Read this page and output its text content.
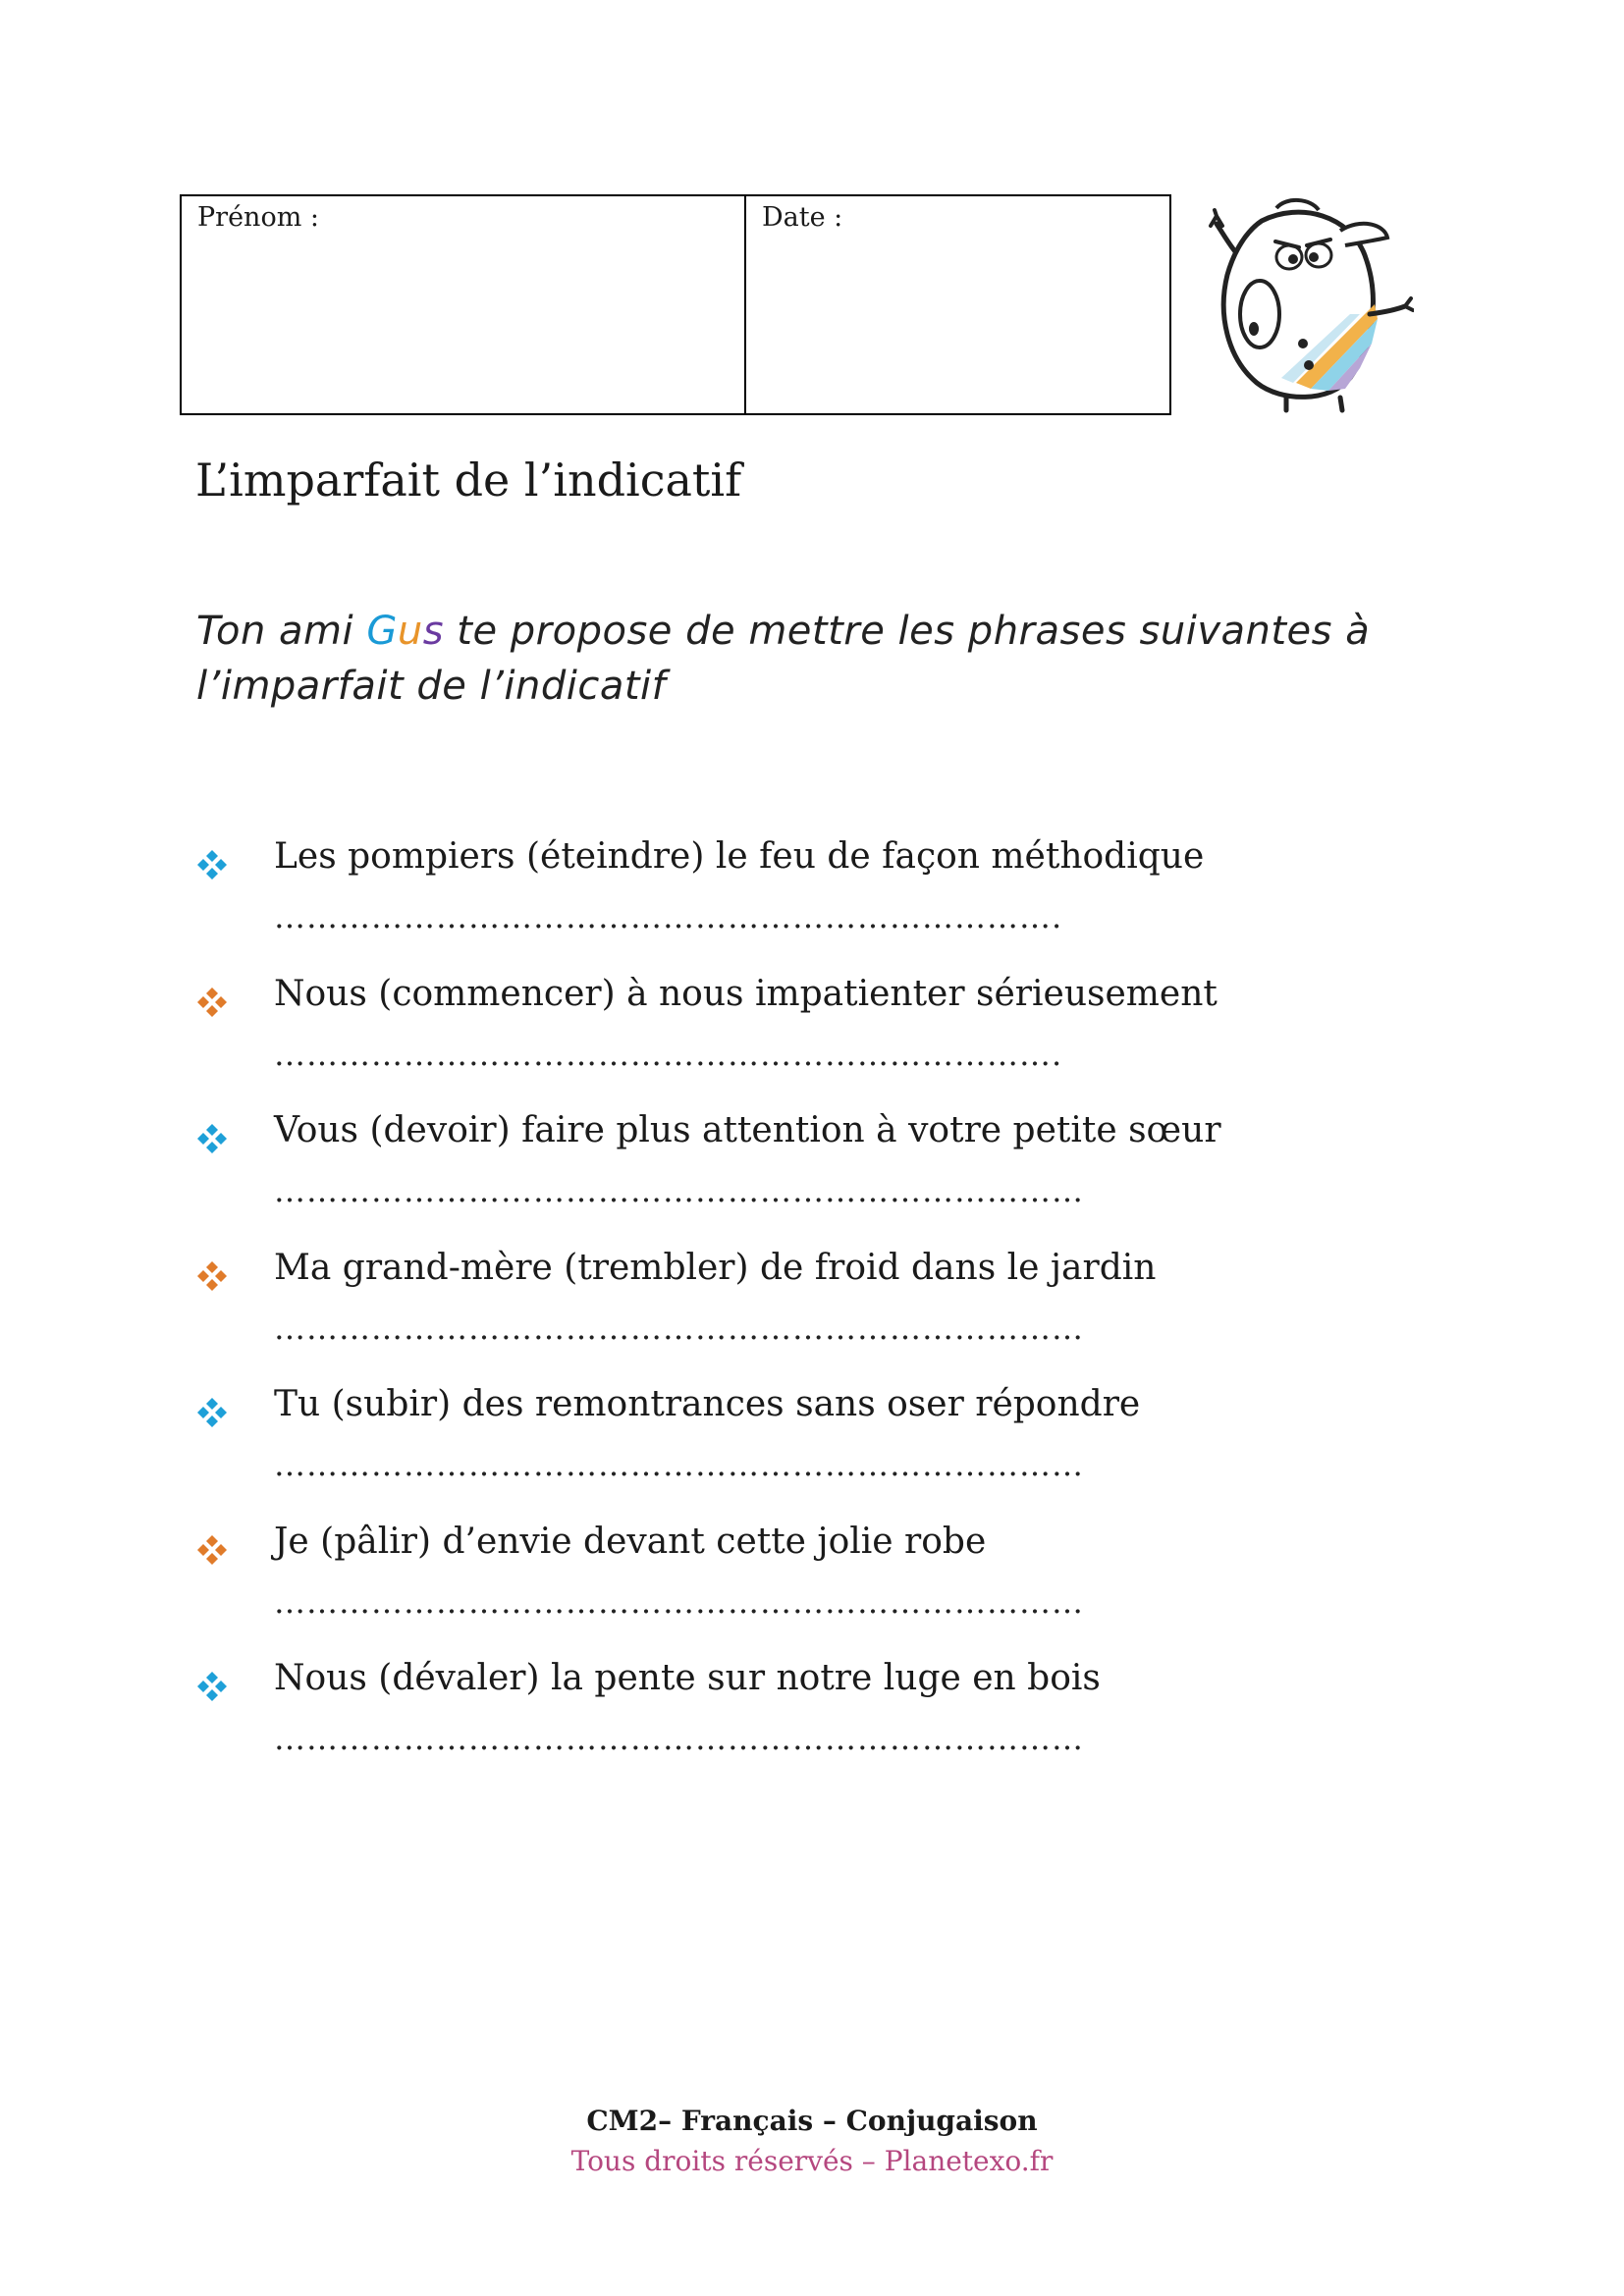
Prénom :	Date :
L’imparfait de l’indicatif
Ton ami Gus te propose de mettre les phrases suivantes à l’imparfait de l’indicatif
Les pompiers (éteindre) le feu de façon méthodique
……………………………………………………………….
Nous (commencer) à nous impatienter sérieusement
……………………………………………………………….
Vous (devoir) faire plus attention à votre petite sœur
…………………………………………………………………
Ma grand-mère (trembler) de froid dans le jardin
…………………………………………………………………
Tu (subir) des remontrances sans oser répondre
…………………………………………………………………
Je (pâlir) d’envie devant cette jolie robe
…………………………………………………………………
Nous (dévaler) la pente sur notre luge en bois
…………………………………………………………………
CM2– Français – Conjugaison
Tous droits réservés – Planetexo.fr
